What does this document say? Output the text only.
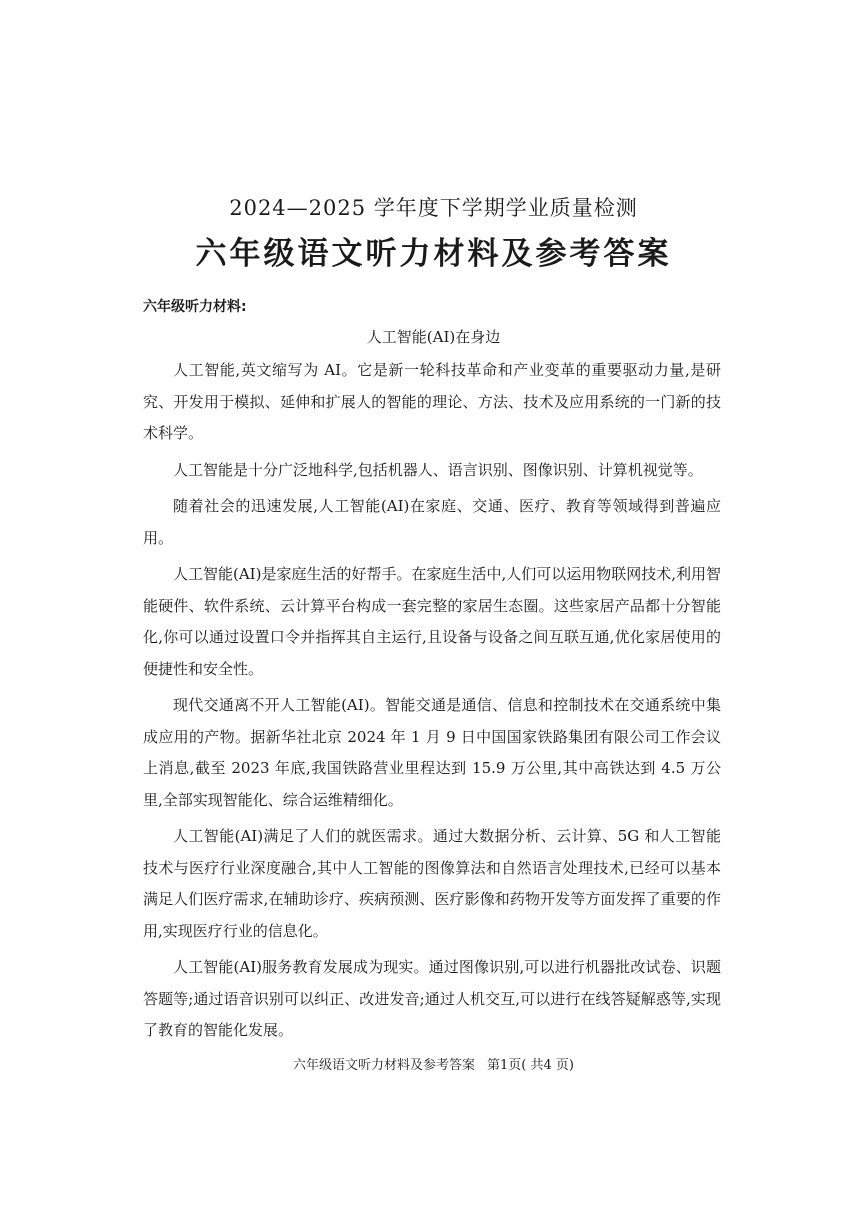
2024—2025 学年度下学期学业质量检测
六年级语文听力材料及参考答案
六年级听力材料:
人工智能(AI)在身边

人工智能,英文缩写为 AI。它是新一轮科技革命和产业变革的重要驱动力量,是研究、开发用于模拟、延伸和扩展人的智能的理论、方法、技术及应用系统的一门新的技术科学。

人工智能是十分广泛地科学,包括机器人、语言识别、图像识别、计算机视觉等。

随着社会的迅速发展,人工智能(AI)在家庭、交通、医疗、教育等领域得到普遍应用。

人工智能(AI)是家庭生活的好帮手。在家庭生活中,人们可以运用物联网技术,利用智能硬件、软件系统、云计算平台构成一套完整的家居生态圈。这些家居产品都十分智能化,你可以通过设置口令并指挥其自主运行,且设备与设备之间互联互通,优化家居使用的便捷性和安全性。

现代交通离不开人工智能(AI)。智能交通是通信、信息和控制技术在交通系统中集成应用的产物。据新华社北京 2024 年 1 月 9 日中国国家铁路集团有限公司工作会议上消息,截至 2023 年底,我国铁路营业里程达到 15.9 万公里,其中高铁达到 4.5 万公里,全部实现智能化、综合运维精细化。

人工智能(AI)满足了人们的就医需求。通过大数据分析、云计算、5G 和人工智能技术与医疗行业深度融合,其中人工智能的图像算法和自然语言处理技术,已经可以基本满足人们医疗需求,在辅助诊疗、疾病预测、医疗影像和药物开发等方面发挥了重要的作用,实现医疗行业的信息化。

人工智能(AI)服务教育发展成为现实。通过图像识别,可以进行机器批改试卷、识题答题等;通过语音识别可以纠正、改进发音;通过人机交互,可以进行在线答疑解惑等,实现了教育的智能化发展。

六年级语文听力材料及参考答案 第1页( 共4 页)
